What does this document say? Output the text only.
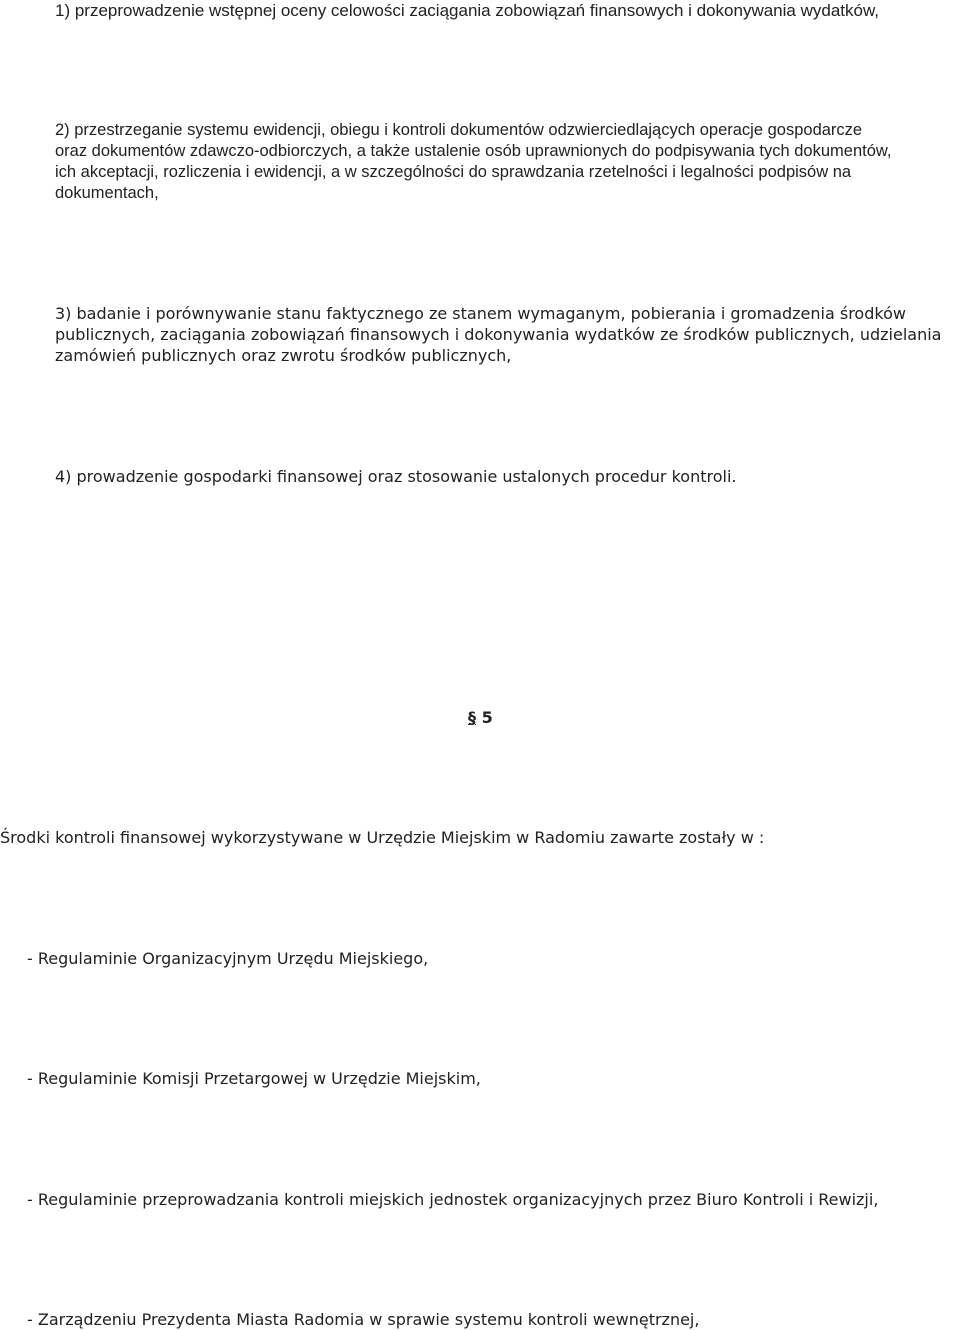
1) przeprowadzenie wstępnej oceny celowości zaciągania zobowiązań finansowych i dokonywania wydatków,

2) przestrzeganie systemu ewidencji, obiegu i kontroli dokumentów odzwierciedlających operacje gospodarcze
oraz dokumentów zdawczo-odbiorczych, a także ustalenie osób uprawnionych do podpisywania tych dokumentów,
ich akceptacji, rozliczenia i ewidencji, a w szczególności do sprawdzania rzetelności i legalności podpisów na
dokumentach,
3) badanie i porównywanie stanu faktycznego ze stanem wymaganym, pobierania i gromadzenia środków
publicznych, zaciągania zobowiązań finansowych i dokonywania wydatków ze środków publicznych, udzielania
zamówień publicznych oraz zwrotu środków publicznych,

4) prowadzenie gospodarki finansowej oraz stosowanie ustalonych procedur kontroli.

§ 5

Środki kontroli finansowej wykorzystywane w Urzędzie Miejskim w Radomiu zawarte zostały w :

- Regulaminie Organizacyjnym Urzędu Miejskiego,

- Regulaminie Komisji Przetargowej w Urzędzie Miejskim,

- Regulaminie przeprowadzania kontroli miejskich jednostek organizacyjnych przez Biuro Kontroli i Rewizji,

- Zarządzeniu Prezydenta Miasta Radomia w sprawie systemu kontroli wewnętrznej,
